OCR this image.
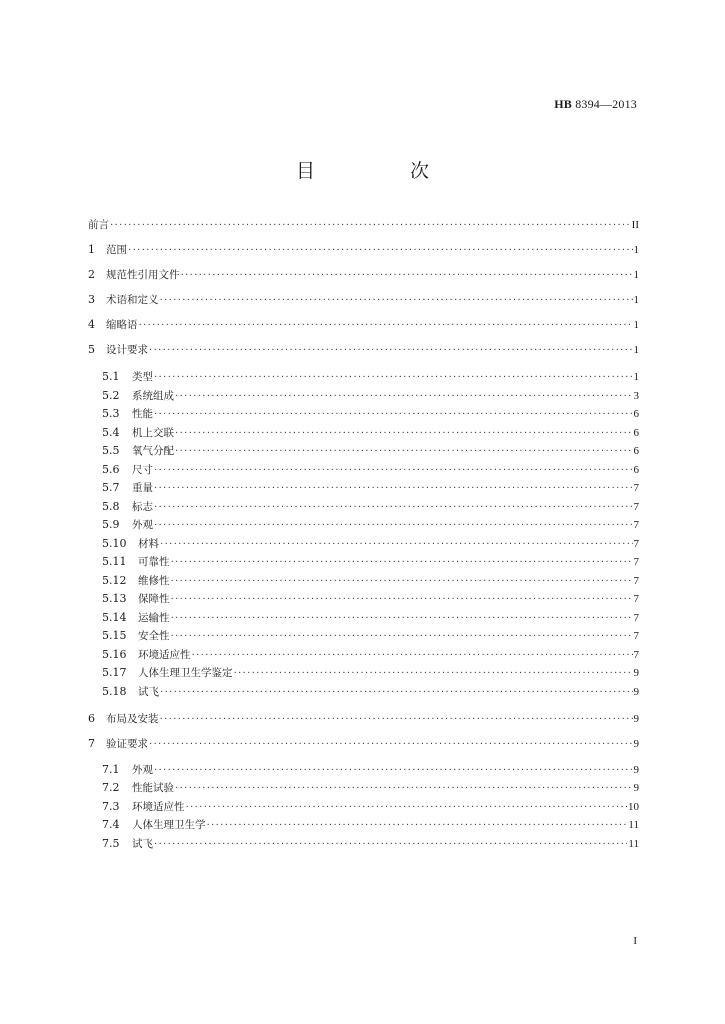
HB 8394—2013
目　次
前言 ·····	II
1	范围 ·····	1
2	规范性引用文件 ·····	1
3	术语和定义 ·····	1
4	缩略语 ·····	1
5	设计要求 ·····	1
5.1	类型 ·····	1
5.2	系统组成 ·····	3
5.3	性能 ·····	6
5.4	机上交联 ·····	6
5.5	氧气分配 ·····	6
5.6	尺寸 ·····	6
5.7	重量 ·····	7
5.8	标志 ·····	7
5.9	外观 ·····	7
5.10	材料 ·····	7
5.11	可靠性 ·····	7
5.12	维修性 ·····	7
5.13	保障性 ·····	7
5.14	运输性 ·····	7
5.15	安全性 ·····	7
5.16	环境适应性 ·····	7
5.17	人体生理卫生学鉴定 ·····	9
5.18	试飞 ·····	9
6	布局及安装 ·····	9
7	验证要求 ·····	9
7.1	外观 ·····	9
7.2	性能试验 ·····	9
7.3	环境适应性 ·····	10
7.4	人体生理卫生学 ·····	11
7.5	试飞 ·····	11
I
